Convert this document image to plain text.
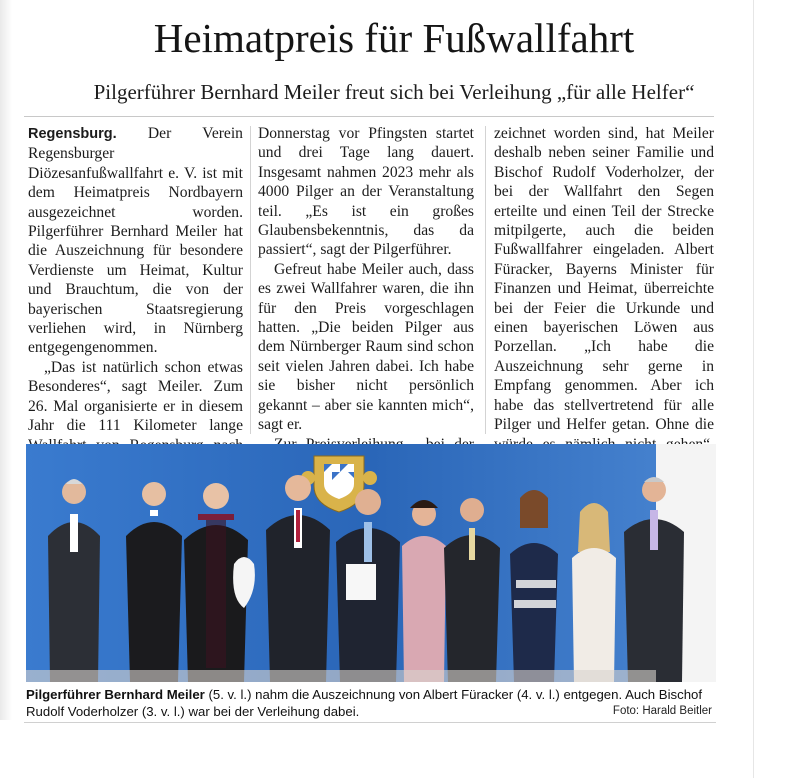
Heimatpreis für Fußwallfahrt
Pilgerführer Bernhard Meiler freut sich bei Verleihung „für alle Helfer“

Regensburg. Der Verein Regensburger Diözesanfußwallfahrt e. V. ist mit dem Heimatpreis Nordbayern ausgezeichnet worden. Pilgerführer Bernhard Meiler hat die Auszeichnung für besondere Verdienste um Heimat, Kultur und Brauchtum, die von der bayerischen Staatsregierung verliehen wird, in Nürnberg entgegengenommen.

„Das ist natürlich schon etwas Besonderes“, sagt Meiler. Zum 26. Mal organisierte er in diesem Jahr die 111 Kilometer lange

Donnerstag vor Pfingsten startet und drei Tage lang dauert. Insgesamt nahmen 2023 mehr als 4000 Pilger an der Veranstaltung teil. „Es ist ein großes Glaubensbekenntnis, das da passiert“, sagt der Pilgerführer.

Gefreut habe Meiler auch, dass es zwei Wallfahrer waren, die ihn für den Preis vorgeschlagen hatten. „Die beiden Pilger aus dem Nürnberger Raum sind schon seit vielen Jahren dabei. Ich habe sie bisher nicht persönlich gekannt – aber sie kannten mich“, sagt er.

zeichnet worden sind, hat Meiler deshalb neben seiner Familie und Bischof Rudolf Voderholzer, der bei der Wallfahrt den Segen erteilte und einen Teil der Strecke mitpilgerte, auch die beiden Fußwallfahrer eingeladen. Albert Füracker, Bayerns Minister für Finanzen und Heimat, überreichte bei der Feier die Urkunde und einen bayerischen Löwen aus Porzellan. „Ich habe die Auszeichnung sehr gerne in Empfang genommen. Aber ich habe das stellvertretend für alle Pilger und Helfer getan. Ohne die

Pilgerführer Bernhard Meiler (5. v. l.) nahm die Auszeichnung von Albert Füracker (4. v. l.) entgegen. Auch Bischof Rudolf Voderholzer (3. v. l.) war bei der Verleihung dabei.	Foto: Harald Beitler
